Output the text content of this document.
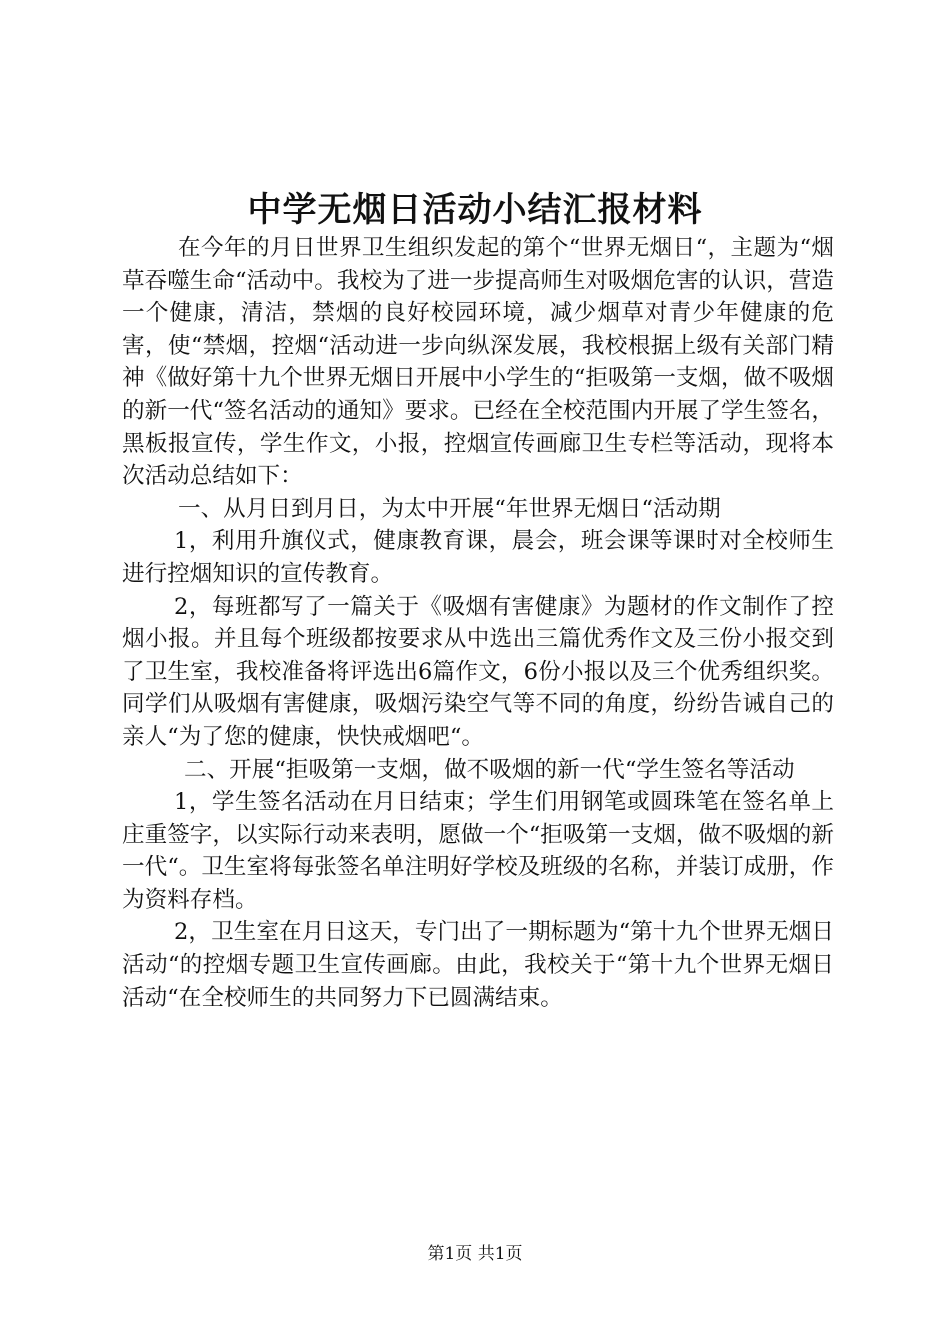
中学无烟日活动小结汇报材料

在今年的月日世界卫生组织发起的第个“世界无烟日“，主题为“烟草吞噬生命“活动中。我校为了进一步提高师生对吸烟危害的认识，营造一个健康，清洁，禁烟的良好校园环境，减少烟草对青少年健康的危害，使“禁烟，控烟“活动进一步向纵深发展，我校根据上级有关部门精神《做好第十九个世界无烟日开展中小学生的“拒吸第一支烟，做不吸烟的新一代“签名活动的通知》要求。已经在全校范围内开展了学生签名，黑板报宣传，学生作文，小报，控烟宣传画廊卫生专栏等活动，现将本次活动总结如下：

一、从月日到月日，为太中开展“年世界无烟日“活动期

1，利用升旗仪式，健康教育课，晨会，班会课等课时对全校师生进行控烟知识的宣传教育。

2，每班都写了一篇关于《吸烟有害健康》为题材的作文制作了控烟小报。并且每个班级都按要求从中选出三篇优秀作文及三份小报交到了卫生室，我校准备将评选出6篇作文，6份小报以及三个优秀组织奖。同学们从吸烟有害健康，吸烟污染空气等不同的角度，纷纷告诫自己的亲人“为了您的健康，快快戒烟吧“。

二、开展“拒吸第一支烟，做不吸烟的新一代“学生签名等活动

1，学生签名活动在月日结束；学生们用钢笔或圆珠笔在签名单上庄重签字，以实际行动来表明，愿做一个“拒吸第一支烟，做不吸烟的新一代“。卫生室将每张签名单注明好学校及班级的名称，并装订成册，作为资料存档。

2，卫生室在月日这天，专门出了一期标题为“第十九个世界无烟日活动“的控烟专题卫生宣传画廊。由此，我校关于“第十九个世界无烟日活动“在全校师生的共同努力下已圆满结束。

第1页 共1页
